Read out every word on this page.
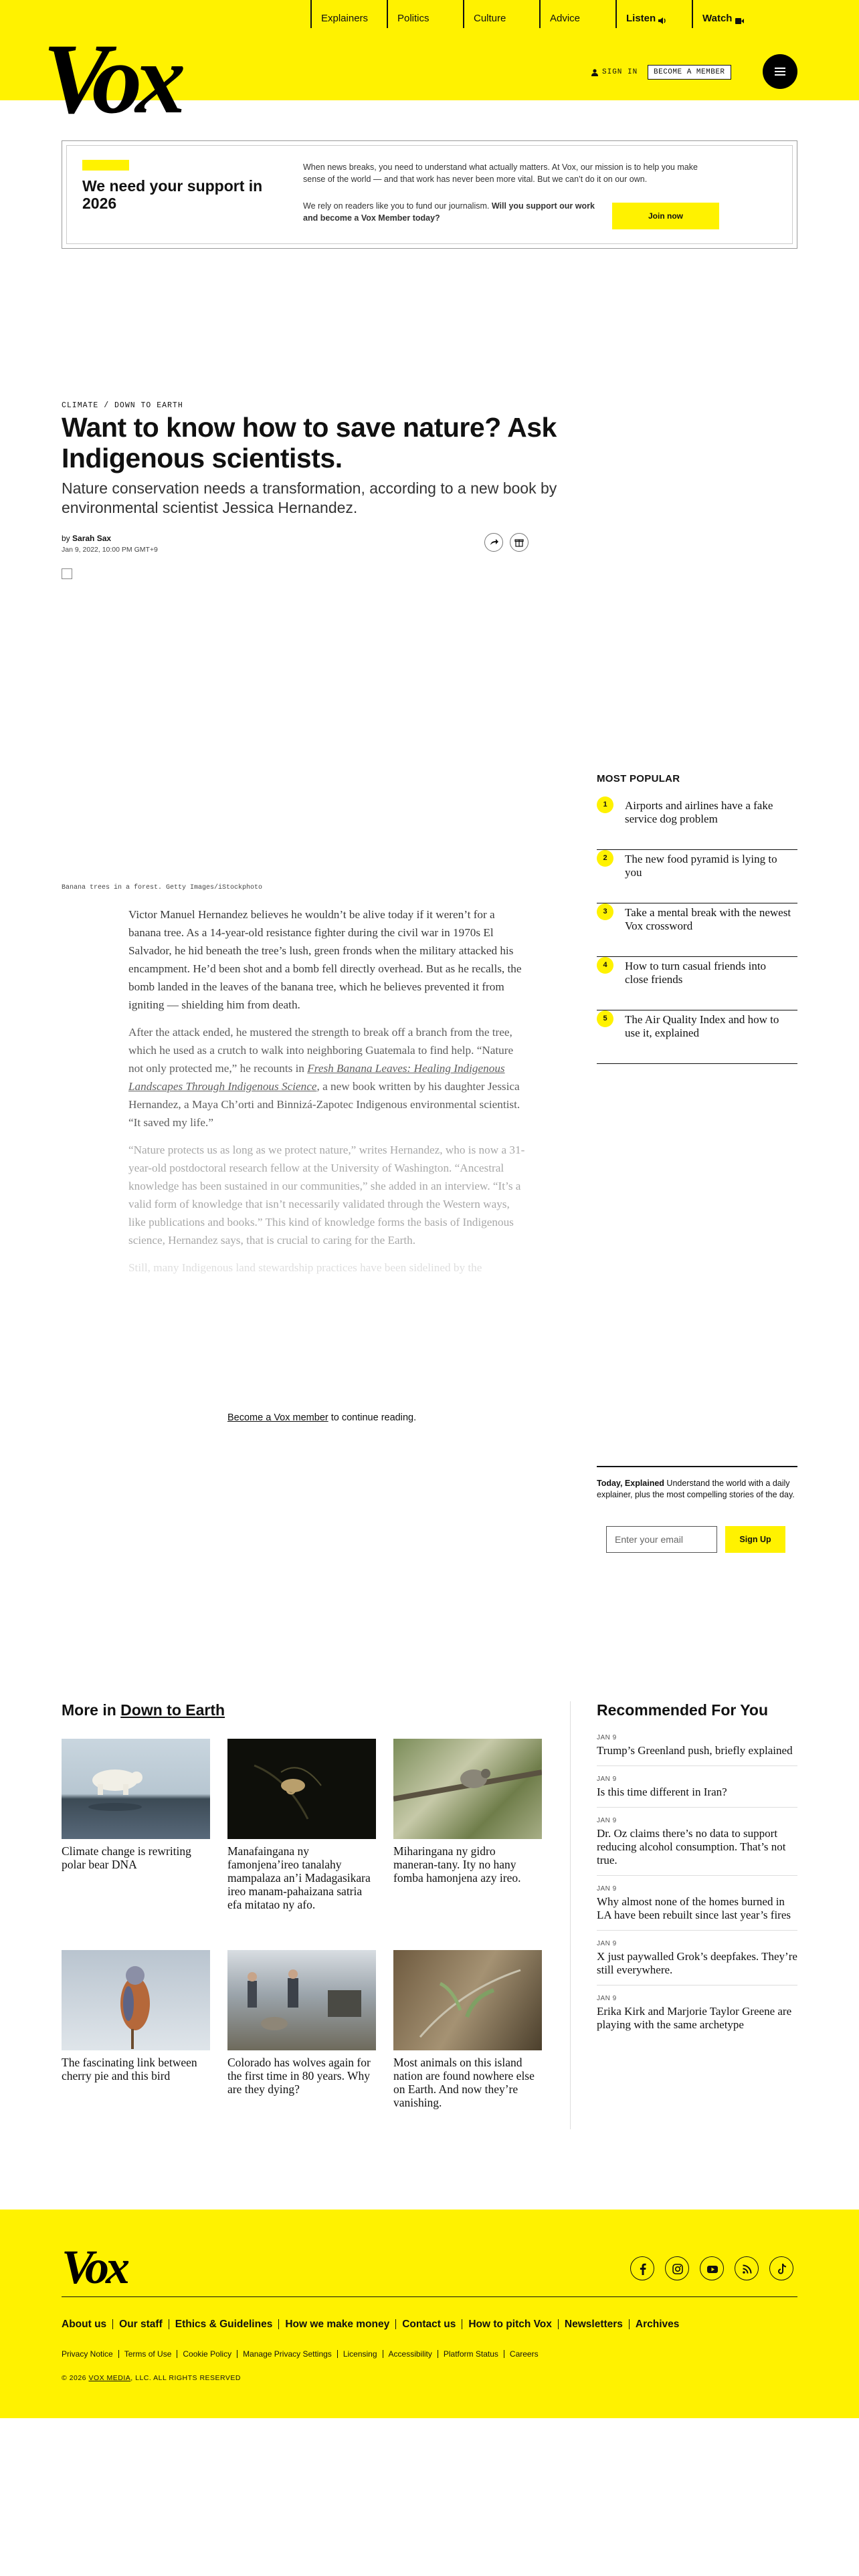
Explainers	Politics	Culture	Advice	Listen
	Watch

Vox	SIGN IN	BECOME A MEMBER
We need your support in 2026

When news breaks, you need to understand what actually matters. At Vox, our mission is to help you make sense of the world — and that work has never been more vital. But we can’t do it on our own.

We rely on readers like you to fund our journalism. Will you support our work and become a Vox Member today?	Join now
CLIMATE / DOWN TO EARTH
Want to know how to save nature? Ask Indigenous scientists.

Nature conservation needs a transformation, according to a new book by environmental scientist Jessica Hernandez.

by Sarah Sax
Jan 9, 2022, 10:00 PM GMT+9
Banana trees in a forest. Getty Images/iStockphoto

Victor Manuel Hernandez believes he wouldn’t be alive today if it weren’t for a banana tree. As a 14-year-old resistance fighter during the civil war in 1970s El Salvador, he hid beneath the tree’s lush, green fronds when the military attacked his encampment. He’d been shot and a bomb fell directly overhead. But as he recalls, the bomb landed in the leaves of the banana tree, which he believes prevented it from igniting — shielding him from death.

After the attack ended, he mustered the strength to break off a branch from the tree, which he used as a crutch to walk into neighboring Guatemala to find help. “Nature not only protected me,” he recounts in Fresh Banana Leaves: Healing Indigenous Landscapes Through Indigenous Science, a new book written by his daughter Jessica Hernandez, a Maya Ch’orti and Binnizá-Zapotec Indigenous environmental scientist. “It saved my life.”

“Nature protects us as long as we protect nature,” writes Hernandez, who is now a 31-year-old postdoctoral research fellow at the University of Washington. “Ancestral knowledge has been sustained in our communities,” she added in an interview. “It’s a valid form of knowledge that isn’t necessarily validated through the Western ways, like publications and books.” This kind of knowledge forms the basis of Indigenous science, Hernandez says, that is crucial to caring for the Earth.

Still, many Indigenous land stewardship practices have been sidelined by the

Become a Vox member to continue reading.
MOST POPULAR
1	Airports and airlines have a fake service dog problem
2	The new food pyramid is lying to you
3	Take a mental break with the newest Vox crossword
4	How to turn casual friends into close friends
5	The Air Quality Index and how to use it, explained

Today, Explained Understand the world with a daily explainer, plus the most compelling stories of the day.

Enter your email	Sign Up
More in Down to Earth
Climate change is rewriting polar bear DNA
Manafaingana ny famonjena’ireo tanalahy mampalaza an’i Madagasikara ireo manam-pahaizana satria efa mitatao ny afo.
Miharingana ny gidro maneran-tany. Ity no hany fomba hamonjena azy ireo.
The fascinating link between cherry pie and this bird
Colorado has wolves again for the first time in 80 years. Why are they dying?
Most animals on this island nation are found nowhere else on Earth. And now they’re vanishing.
Recommended For You
JAN 9
Trump’s Greenland push, briefly explained
JAN 9
Is this time different in Iran?
JAN 9
Dr. Oz claims there’s no data to support reducing alcohol consumption. That’s not true.
JAN 9
Why almost none of the homes burned in LA have been rebuilt since last year’s fires
JAN 9
X just paywalled Grok’s deepfakes. They’re still everywhere.
JAN 9
Erika Kirk and Marjorie Taylor Greene are playing with the same archetype
Vox
About us	Our staff	Ethics & Guidelines	How we make money	Contact us	How to pitch Vox	Newsletters	Archives
Privacy Notice	Terms of Use	Cookie Policy	Manage Privacy Settings	Licensing	Accessibility	Platform Status	Careers
© 2026 VOX MEDIA, LLC. ALL RIGHTS RESERVED
